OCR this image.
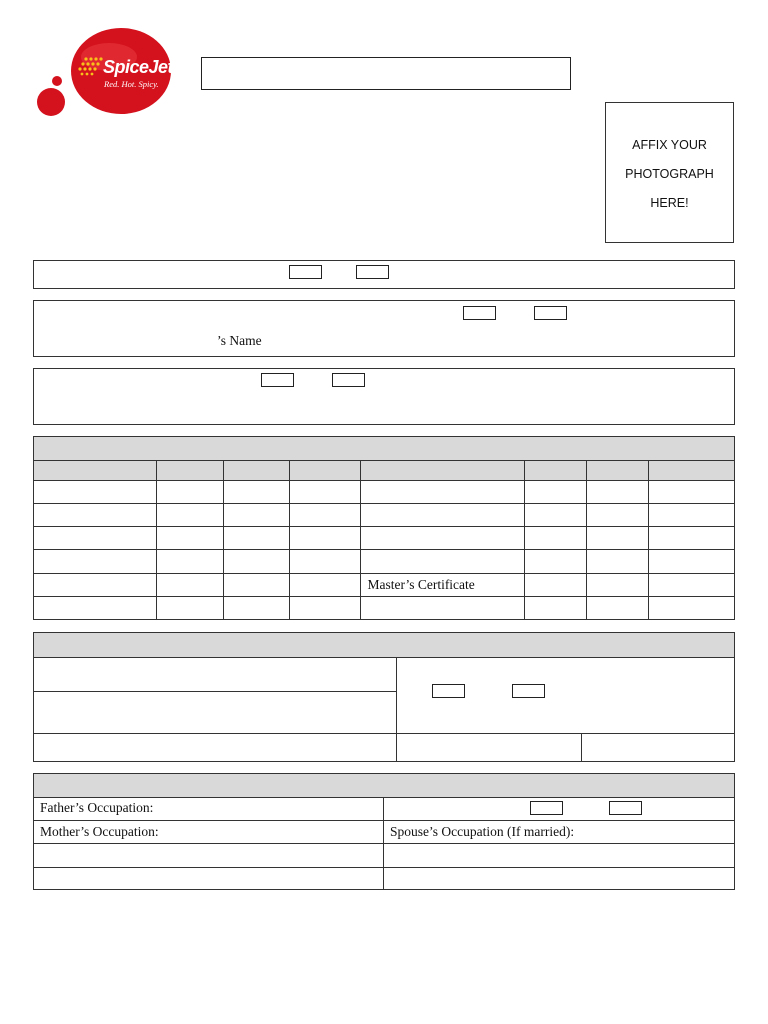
SpiceJet
Red. Hot. Spicy.
AFFIX YOUR
PHOTOGRAPH
HERE!
’s Name

				Master’s Certificate			

Father’s Occupation:
Mother’s Occupation:	Spouse’s Occupation (If married):
